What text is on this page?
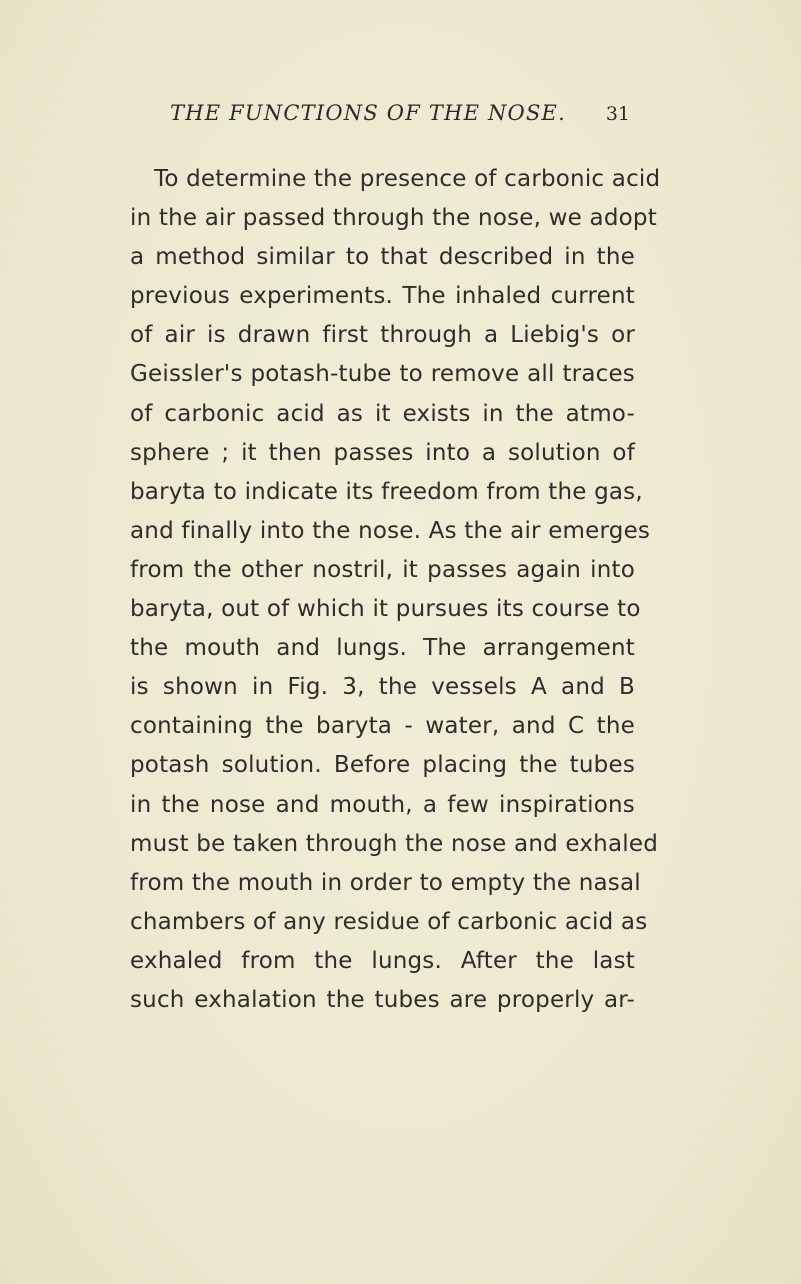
THE FUNCTIONS OF THE NOSE. 31
To determine the presence of carbonic acid
in the air passed through the nose, we adopt
a method similar to that described in the
previous experiments. The inhaled current
of air is drawn first through a Liebig's or
Geissler's potash-tube to remove all traces
of carbonic acid as it exists in the atmo-
sphere ; it then passes into a solution of
baryta to indicate its freedom from the gas,
and finally into the nose. As the air emerges
from the other nostril, it passes again into
baryta, out of which it pursues its course to
the mouth and lungs. The arrangement
is shown in Fig. 3, the vessels A and B
containing the baryta - water, and C the
potash solution. Before placing the tubes
in the nose and mouth, a few inspirations
must be taken through the nose and exhaled
from the mouth in order to empty the nasal
chambers of any residue of carbonic acid as
exhaled from the lungs. After the last
such exhalation the tubes are properly ar-
